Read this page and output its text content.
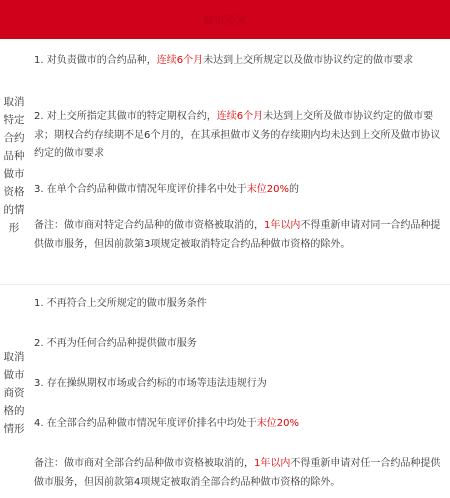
做市要求
取消
特定
合约
品种
做市
资格
的情
形
1. 对负责做市的合约品种，连续6个月未达到上交所规定以及做市协议约定的做市要求
2. 对上交所指定其做市的特定期权合约，连续6个月未达到上交所及做市协议约定的做市要求；期权合约存续期不足6个月的，在其承担做市义务的存续期内均未达到上交所及做市协议约定的做市要求
3. 在单个合约品种做市情况年度评价排名中处于末位20%的
备注：做市商对特定合约品种的做市资格被取消的，1年以内不得重新申请对同一合约品种提供做市服务，但因前款第3项规定被取消特定合约品种做市资格的除外。
取消
做市
商资
格的
情形
1. 不再符合上交所规定的做市服务条件
2. 不再为任何合约品种提供做市服务
3. 存在操纵期权市场或合约标的市场等违法违规行为
4. 在全部合约品种做市情况年度评价排名中均处于末位20%
备注：做市商对全部合约品种做市资格被取消的，1年以内不得重新申请对任一合约品种提供做市服务，但因前款第4项规定被取消全部合约品种做市资格的除外。
